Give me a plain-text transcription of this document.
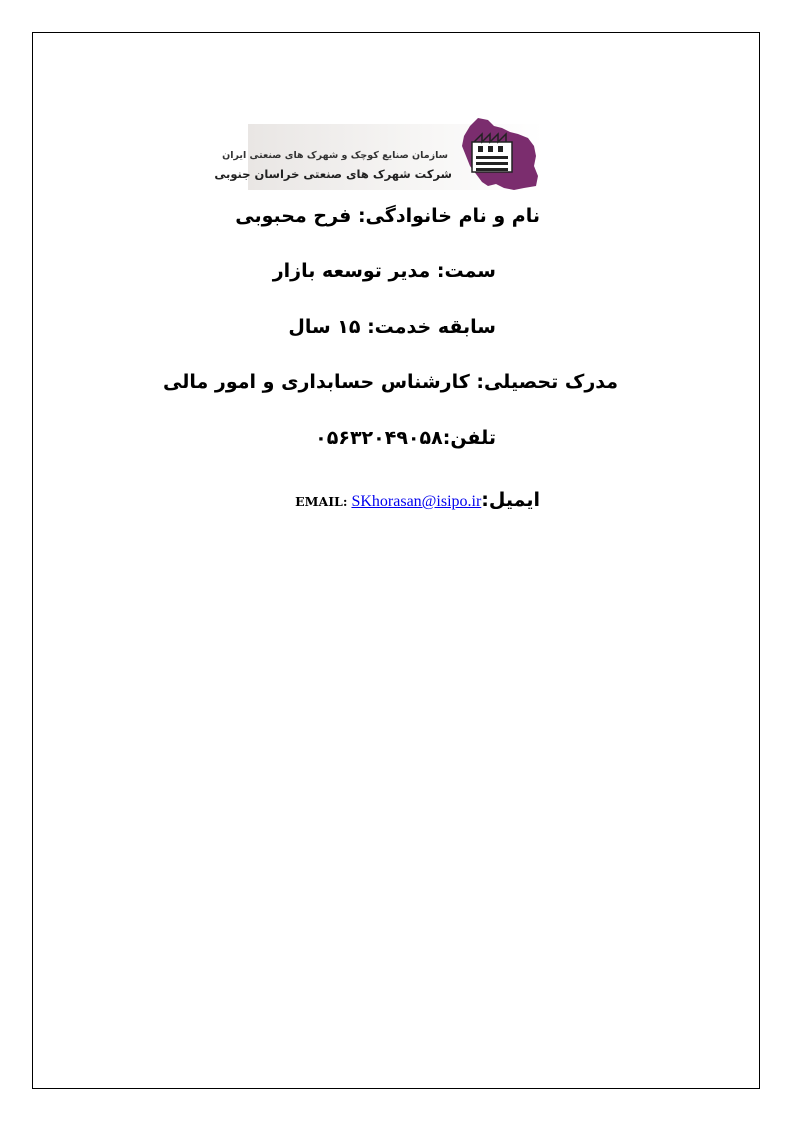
سازمان صنایع کوچک و شهرک های صنعتی ایران
شرکت شهرک های صنعتی خراسان جنوبی
نام و نام خانوادگی: فرح محبوبی
سمت: مدیر توسعه بازار
سابقه خدمت: ۱۵ سال
مدرک تحصیلی: کارشناس حسابداری و امور مالی
تلفن:۰۵۶۳۲۰۴۹۰۵۸
EMAIL: SKhorasan@isipo.ir ایمیل:
